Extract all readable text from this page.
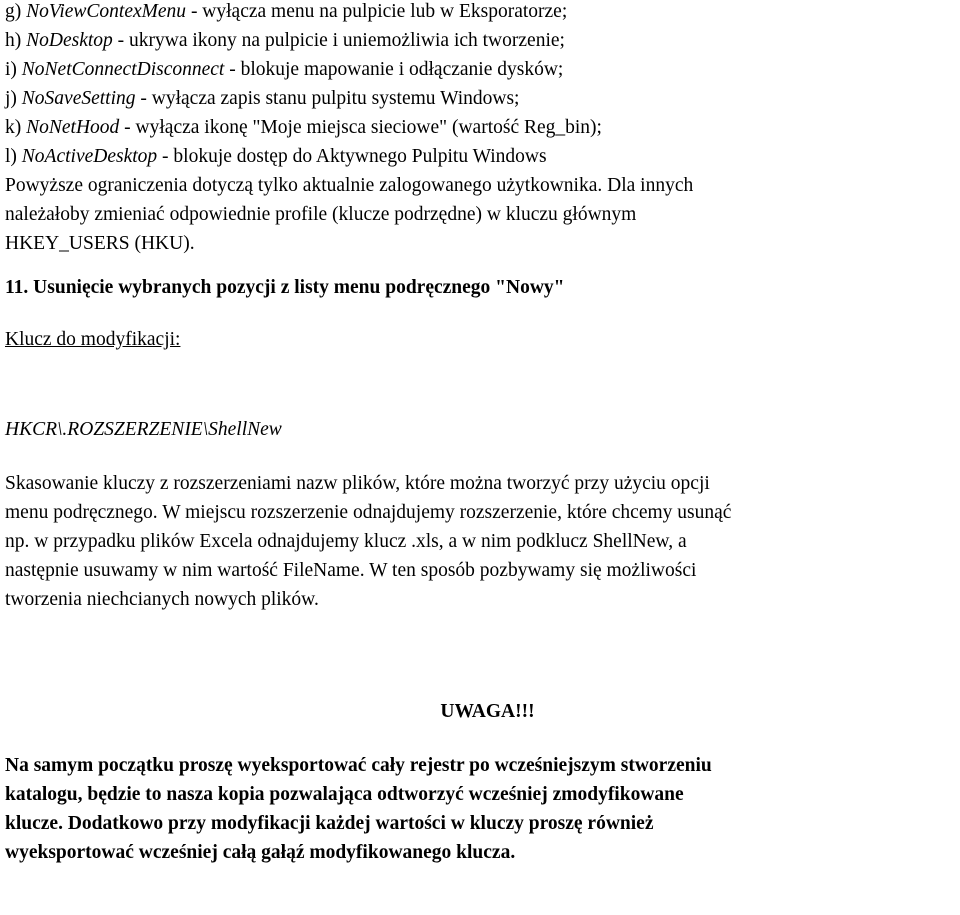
g) NoViewContexMenu - wyłącza menu na pulpicie lub w Eksporatorze;

h) NoDesktop - ukrywa ikony na pulpicie i uniemożliwia ich tworzenie;

i) NoNetConnectDisconnect - blokuje mapowanie i odłączanie dysków;

j) NoSaveSetting - wyłącza zapis stanu pulpitu systemu Windows;

k) NoNetHood - wyłącza ikonę "Moje miejsca sieciowe" (wartość Reg_bin);

l) NoActiveDesktop - blokuje dostęp do Aktywnego Pulpitu Windows

Powyższe ograniczenia dotyczą tylko aktualnie zalogowanego użytkownika. Dla innych

należałoby zmieniać odpowiednie profile (klucze podrzędne) w kluczu głównym

HKEY_USERS (HKU).

11. Usunięcie wybranych pozycji z listy menu podręcznego "Nowy"
Klucz do modyfikacji:
HKCR\.ROZSZERZENIE\ShellNew

Skasowanie kluczy z rozszerzeniami nazw plików, które można tworzyć przy użyciu opcji

menu podręcznego. W miejscu rozszerzenie odnajdujemy rozszerzenie, które chcemy usunąć

np. w przypadku plików Excela odnajdujemy klucz .xls, a w nim podklucz ShellNew, a

następnie usuwamy w nim wartość FileName. W ten sposób pozbywamy się możliwości

tworzenia niechcianych nowych plików.

UWAGA!!!

Na samym początku proszę wyeksportować cały rejestr po wcześniejszym stworzeniu

katalogu, będzie to nasza kopia pozwalająca odtworzyć wcześniej zmodyfikowane

klucze. Dodatkowo przy modyfikacji każdej wartości w kluczy proszę również

wyeksportować wcześniej całą gałąź modyfikowanego klucza.
